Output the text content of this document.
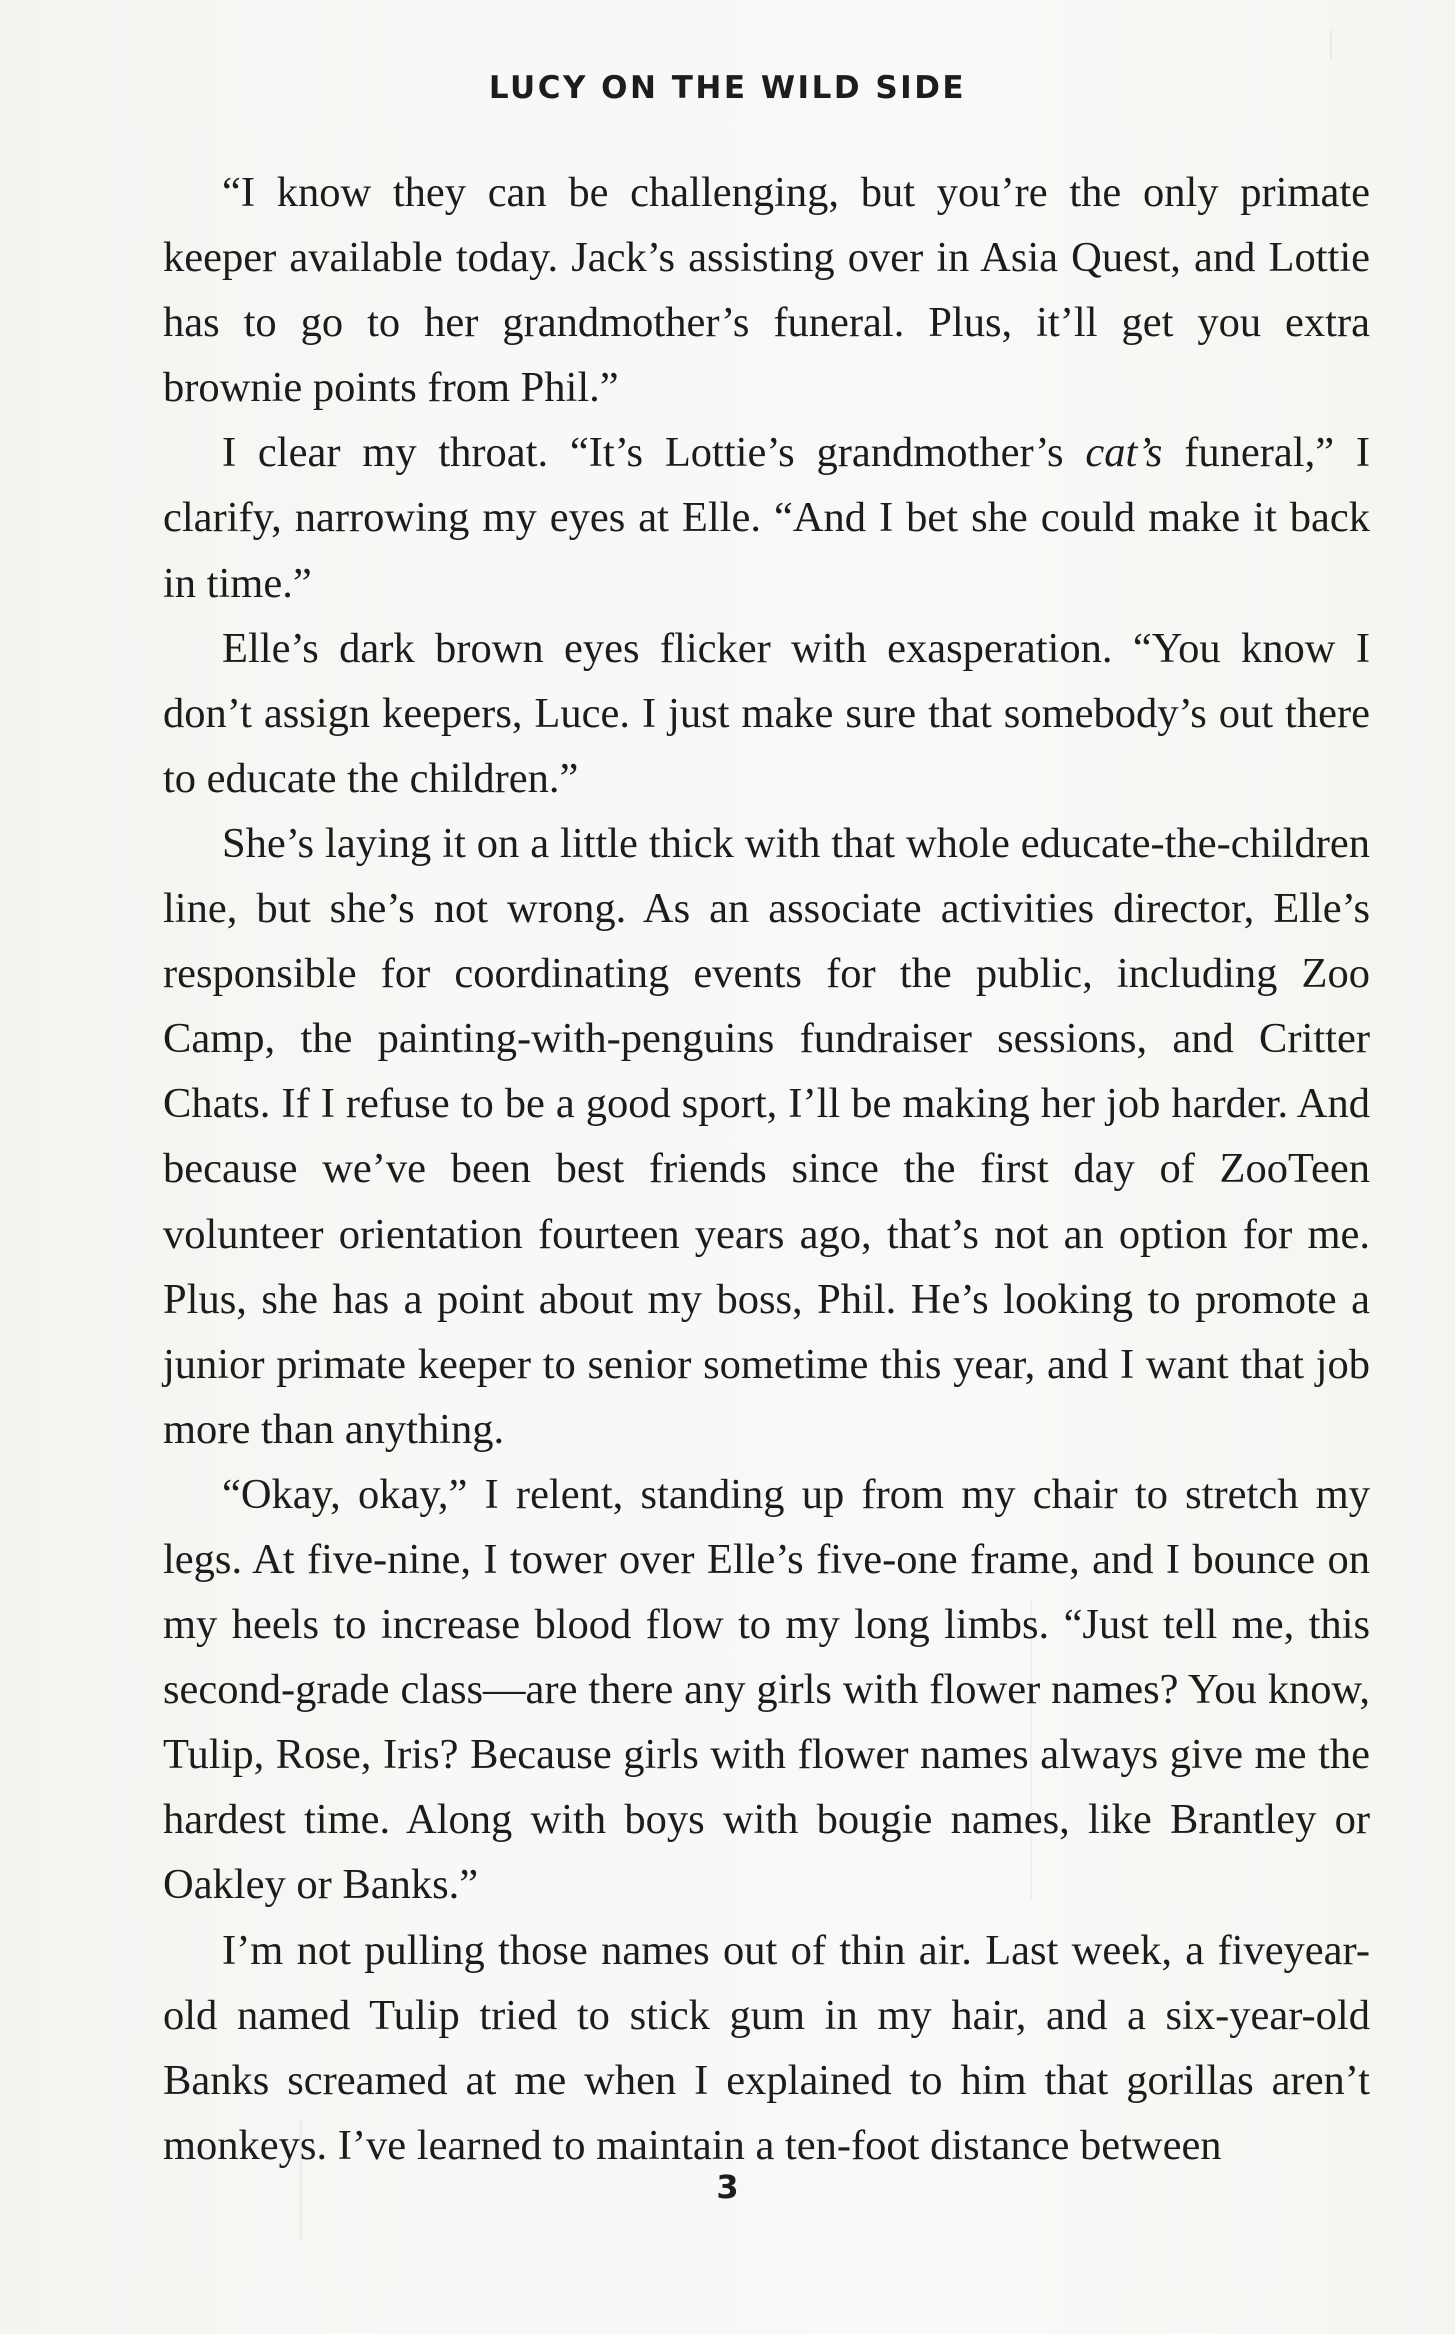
LUCY ON THE WILD SIDE

“I know they can be challenging, but you’re the only primate keeper available today. Jack’s assisting over in Asia Quest, and Lottie has to go to her grandmother’s funeral. Plus, it’ll get you extra brownie points from Phil.”

I clear my throat. “It’s Lottie’s grandmother’s cat’s funeral,” I clarify, narrowing my eyes at Elle. “And I bet she could make it back in time.”

Elle’s dark brown eyes flicker with exasperation. “You know I don’t assign keepers, Luce. I just make sure that somebody’s out there to educate the children.”

She’s laying it on a little thick with that whole educate-the-children line, but she’s not wrong. As an associate activities director, Elle’s responsible for coordinating events for the public, including Zoo Camp, the painting-with-penguins fundraiser sessions, and Critter Chats. If I refuse to be a good sport, I’ll be making her job harder. And because we’ve been best friends since the first day of ZooTeen volunteer orientation fourteen years ago, that’s not an option for me. Plus, she has a point about my boss, Phil. He’s looking to promote a junior primate keeper to senior sometime this year, and I want that job more than anything.

“Okay, okay,” I relent, standing up from my chair to stretch my legs. At five-nine, I tower over Elle’s five-one frame, and I bounce on my heels to increase blood flow to my long limbs. “Just tell me, this second-grade class—are there any girls with flower names? You know, Tulip, Rose, Iris? Because girls with flower names always give me the hardest time. Along with boys with bougie names, like Brantley or Oakley or Banks.”

I’m not pulling those names out of thin air. Last week, a fiveyear-old named Tulip tried to stick gum in my hair, and a six-year-old Banks screamed at me when I explained to him that gorillas aren’t monkeys. I’ve learned to maintain a ten-foot distance between

3
